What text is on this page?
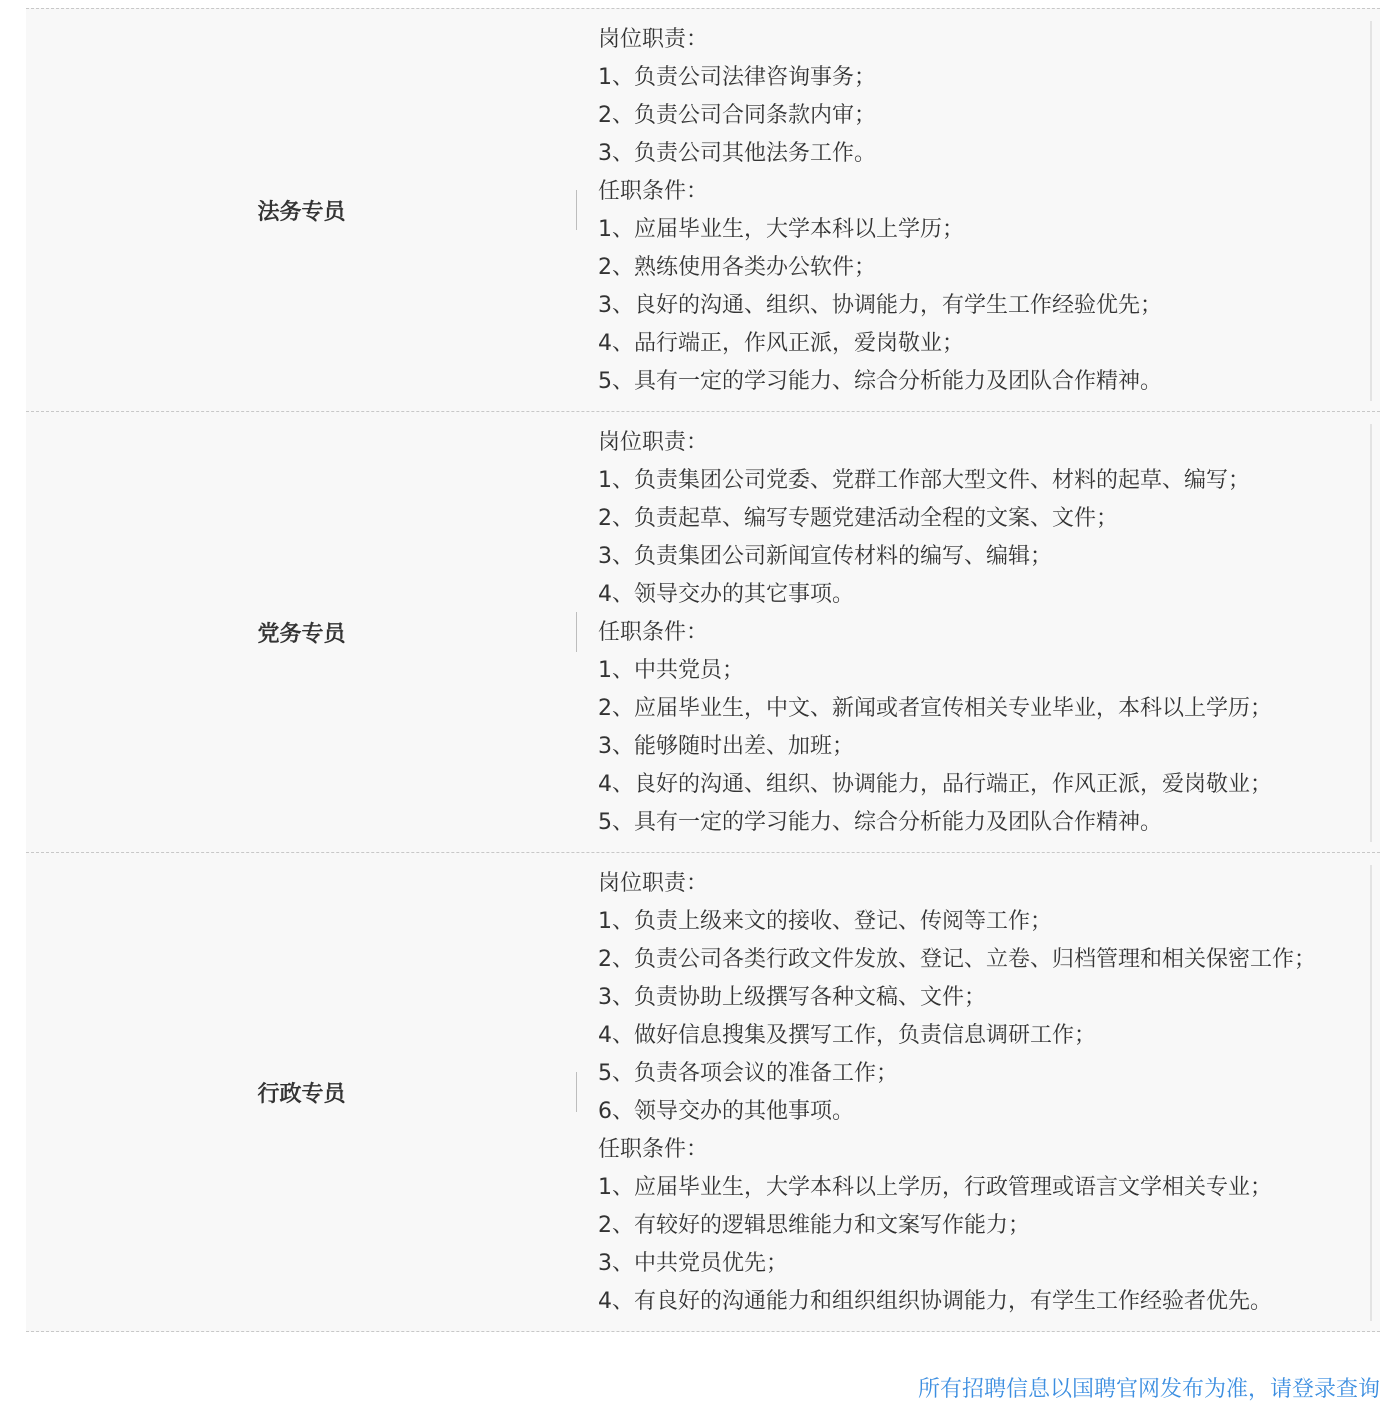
法务专员
岗位职责：
1、负责公司法律咨询事务；
2、负责公司合同条款内审；
3、负责公司其他法务工作。
任职条件：
1、应届毕业生，大学本科以上学历；
2、熟练使用各类办公软件；
3、良好的沟通、组织、协调能力，有学生工作经验优先；
4、品行端正，作风正派，爱岗敬业；
5、具有一定的学习能力、综合分析能力及团队合作精神。
党务专员
岗位职责：
1、负责集团公司党委、党群工作部大型文件、材料的起草、编写；
2、负责起草、编写专题党建活动全程的文案、文件；
3、负责集团公司新闻宣传材料的编写、编辑；
4、领导交办的其它事项。
任职条件：
1、中共党员；
2、应届毕业生，中文、新闻或者宣传相关专业毕业，本科以上学历；
3、能够随时出差、加班；
4、良好的沟通、组织、协调能力，品行端正，作风正派，爱岗敬业；
5、具有一定的学习能力、综合分析能力及团队合作精神。
行政专员
岗位职责：
1、负责上级来文的接收、登记、传阅等工作；
2、负责公司各类行政文件发放、登记、立卷、归档管理和相关保密工作；
3、负责协助上级撰写各种文稿、文件；
4、做好信息搜集及撰写工作，负责信息调研工作；
5、负责各项会议的准备工作；
6、领导交办的其他事项。
任职条件：
1、应届毕业生，大学本科以上学历，行政管理或语言文学相关专业；
2、有较好的逻辑思维能力和文案写作能力；
3、中共党员优先；
4、有良好的沟通能力和组织组织协调能力，有学生工作经验者优先。
所有招聘信息以国聘官网发布为准，请登录查询
